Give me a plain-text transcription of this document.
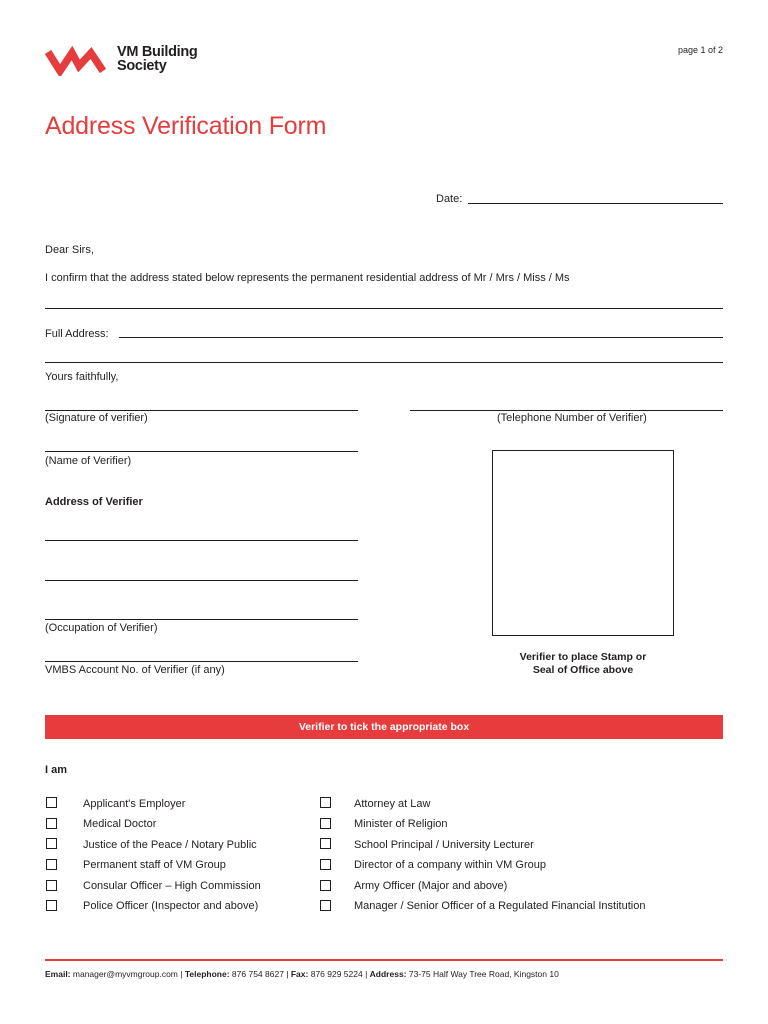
VM Building
Society
page 1 of 2
Address Verification Form
Date:
Dear Sirs,
I confirm that the address stated below represents the permanent residential address of Mr / Mrs / Miss / Ms
Full Address:
Yours faithfully,
(Signature of verifier)	(Telephone Number of Verifier)
(Name of Verifier)
Address of Verifier
(Occupation of Verifier)
VMBS Account No. of Verifier (if any)
Verifier to place Stamp or
Seal of Office above
Verifier to tick the appropriate box
I am
Applicant's Employer
Medical Doctor
Justice of the Peace / Notary Public
Permanent staff of VM Group
Consular Officer – High Commission
Police Officer (Inspector and above)
Attorney at Law
Minister of Religion
School Principal / University Lecturer
Director of a company within VM Group
Army Officer (Major and above)
Manager / Senior Officer of a Regulated Financial Institution
Email: manager@myvmgroup.com | Telephone: 876 754 8627 | Fax: 876 929 5224 | Address: 73-75 Half Way Tree Road, Kingston 10
